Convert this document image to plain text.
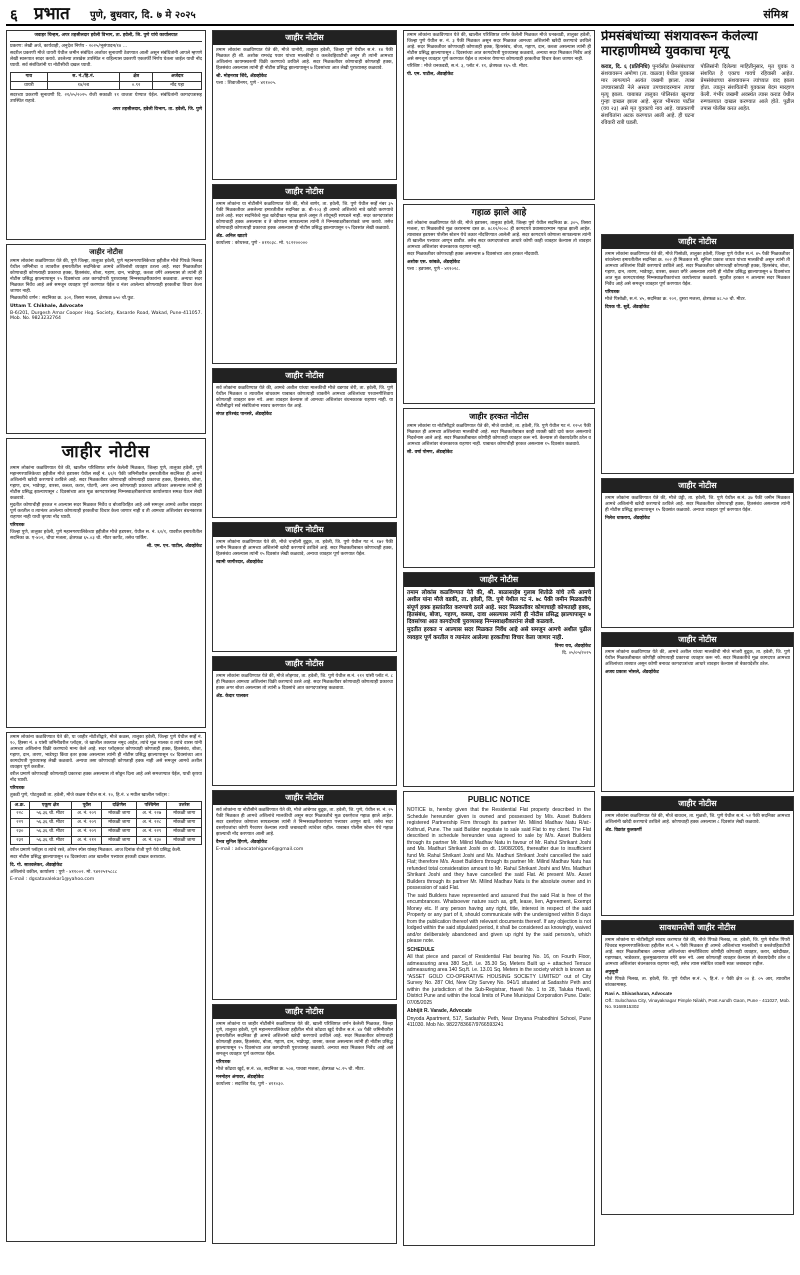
६ प्रभात पुणे, बुधवार, दि. ७ मे २०२५	संमिश्र

जवाहर चिन्हम, अपर तहसीलदार हवेली विभाग, ता. हवेली, जि. पुणे यांचे कार्यालयात

प्रकरण: लेखी अर्ज, कार्यवाही, अनुदेश निर्णय - २०२५/भूसंपादन/१४ ...

सदरील प्रकरणी मौजे धायरी येथील जमीन संबंधित अर्जावर सुनावणी ठेवण्यात आली असून संबंधितांनी आपले म्हणणे लेखी स्वरूपात सादर करावे. ठरलेल्या तारखेस उपस्थित न राहिल्यास प्रकरणी एकतर्फी निर्णय घेतला जाईल याची नोंद घ्यावी. सर्व संबंधितांनी या नोटीसीची दखल घ्यावी.

गाव	स. नं./हि.नं.	क्षेत्र	अर्जदार
धायरी	१४/२ब	०.९२	नोंद पहा

सदरच्या प्रकरणी सुनावणी दि. २१/०५/२०२५ रोजी सकाळी ११ वाजता घेण्यात येईल. संबंधितांनी कागदपत्रासह उपस्थित राहावे.

अपर तहसीलदार, हवेली विभाग, ता. हवेली, जि. पुणे

जाहीर नोटीस

तमाम लोकांना कळविण्यात येते की, पुणे जिल्हा, तालुका हवेली, पुणे महानगरपालिकेच्या हद्दीतील मौजे पिंपळे निलख येथील जमिनीचा व त्यावरील इमारतीतील सदनिकेचा आमचे अशिलांशी व्यवहार ठरला आहे. सदर मिळकतीवर कोणाचाही कोणत्याही प्रकारचा हक्क, हितसंबंध, बोजा, गहाण, दान, भाडेपट्टा, कब्जा वगैरे असल्यास तो त्यांनी ही नोटीस प्रसिद्ध झाल्यापासून १५ दिवसांच्या आत कागदोपत्री पुराव्यासह निम्नस्वाक्षरीकारांना कळवावा. अन्यथा सदर मिळकत निर्वेध आहे असे समजून व्यवहार पूर्ण करण्यात येईल व नंतर आलेल्या कोणत्याही हरकतीचा विचार केला जाणार नाही.

मिळकतीचे वर्णन : सदनिका क्र. ३०२, तिसरा मजला, क्षेत्रफळ ७५० चौ.फुट.

Uttam T. Chikhale, Advocate

B-6/201, Durgesh Amar Cooper Hsg. Society, Kasarde Road, Wakad, Pune-411057. Mob. No. 9823232764

जाहीर नोटीस

तमाम लोकांना कळविण्यात येते की, खालील परिशिष्टात वर्णन केलेली मिळकत, जिल्हा पुणे, तालुका हवेली, पुणे महानगरपालिकेच्या हद्दीतील मौजे हडपसर येथील सर्व्हे नं. ६२/१ पैकी जमिनीवरील इमारतीतील सदनिका ही आमचे अशिलांनी खरेदी करण्याचे ठरविले आहे. सदर मिळकतीवर कोणाचाही कोणत्याही प्रकारचा हक्क, हितसंबंध, बोजा, गहाण, दान, भाडेपट्टा, वारसा, कब्जा, करार, पोटगी, अगर अन्य कोणत्याही प्रकारचा अधिकार असल्यास त्यांनी ही नोटीस प्रसिद्ध झाल्यापासून ८ दिवसांच्या आत मूळ कागदपत्रांसह निम्नस्वाक्षरीकारांच्या कार्यालयात समक्ष येऊन लेखी कळवावे.

मुदतीत कोणाचीही हरकत न आल्यास सदर मिळकत निर्वेध व बोजाविरहित आहे असे समजून आमचे अशील व्यवहार पूर्ण करतील व त्यानंतर आलेल्या कोणत्याही हरकतीचा विचार केला जाणार नाही व ती आमच्या अशिलांवर बंधनकारक राहणार नाही याची कृपया नोंद घ्यावी.

परिपत्रक

जिल्हा पुणे, तालुका हवेली, पुणे महानगरपालिकेच्या हद्दीतील मौजे हडपसर, येथील स. नं. ६२/१, यावरील इमारतीतील सदनिका क्र. ए-४०२, चौथा मजला, क्षेत्रफळ ६५.०३ चौ. मीटर कार्पेट, तसेच पार्किंग.

श्री. एम. एन. पाटील, ॲडव्होकेट

तमाम लोकांना कळविण्यात येते की, या जाहीर नोटीशीद्वारे, मौजे कळस, तालुका हवेली, जिल्हा पुणे येथील सर्व्हे नं. १०, हिस्सा नं. ४ यांसी जमिनीवरील प्लॉट्स, जे खालील तक्त्यात नमूद आहेत, त्यांचे मूळ मालक व त्यांचे वारस यांनी आमच्या अशिलांना विक्री करण्याचे मान्य केले आहे. सदर प्लॉट्सवर कोणाचाही कोणताही हक्क, हितसंबंध, बोजा, गहाण, दान, तारण, भाडेपट्टा किंवा इतर हक्क असल्यास त्यांनी ही नोटीस प्रसिद्ध झाल्यापासून १४ दिवसांच्या आत कागदोपत्री पुराव्यासह लेखी कळवावे. अन्यथा तसा कोणाचाही कोणताही हक्क नाही असे समजून आमचे अशील व्यवहार पूर्ण करतील.

वरील प्रमाणे कोणाचाही कोणत्याही प्रकारचा हक्क असल्यास तो सोडून दिला आहे असे समजण्यात येईल, याची कृपया नोंद घ्यावी.

परिपत्रक

तुकडी पुणे, पोटतुकडी ता. हवेली, मौजे कळस येथील स.नं. १०, हि.नं. ४ मधील खालील प्लॉट्स :

अ.क्र.	एकूण क्षेत्र	पूर्वेस	दक्षिणेस	पश्चिमेस	उत्तरेस
२२८	५६.३६ चौ. मीटर	अ. नं. २०९	मोकळी जागा	अ. नं. २२७	मोकळी जागा
२२९	५६.३६ चौ. मीटर	अ. नं. २०९	मोकळी जागा	अ. नं. २२८	मोकळी जागा
२३०	५६.३६ चौ. मीटर	अ. नं. २०९	मोकळी जागा	अ. नं. २२९	मोकळी जागा
२३१	५६.३६ चौ. मीटर	अ. नं. २१२	मोकळी जागा	अ. नं. २३०	मोकळी जागा

वरील प्रमाणे प्लॉट्स व त्यांचे रस्ते, ओपन स्पेस यांसह मिळकत. आज दिनांक रोजी पुणे येथे प्रसिद्ध केली.

सदर नोटीस प्रसिद्ध झाल्यापासून १४ दिवसांच्या आत खालील पत्त्यावर हरकती दाखल कराव्यात.

दि. गो. सातवलेकर, ॲडव्होकेट

अशिलांचे वकील, कार्यालय : पुणे - ४११००२. मो. ९४२२५१५८८८

E-mail : dgsatavalekar1@yahoo.com

जाहीर नोटीस

तमाम लोकांना कळविण्यात येते की, मौजे धानोरी, तालुका हवेली, जिल्हा पुणे येथील स.नं. १४ पैकी मिळकत ही श्री. अशोक रामचंद्र पवार यांच्या मालकीची व कब्जेवहिवाटीची असून ती त्यांनी आमच्या अशिलांना कायमस्वरूपी विक्री करण्याचे ठरविले आहे. सदर मिळकतीवर कोणाचाही कोणताही हक्क, हितसंबंध असल्यास त्यांनी ही नोटीस प्रसिद्ध झाल्यापासून ७ दिवसांच्या आत लेखी पुराव्यासह कळवावे.

श्री. मोहनराव शिंदे, ॲडव्होकेट

पत्ता : शिवाजीनगर, पुणे - ४११००५.

जाहीर नोटीस

तमाम लोकांना या नोटीसीने कळविण्यात येते की, मौजे बाणेर, ता. हवेली, जि. पुणे येथील सर्व्हे नंबर ३५ पैकी मिळकतीवर असलेल्या इमारतीतील सदनिका क्र. बी-१०३ ही आमचे अशिलांचे नावे खरेदी करण्याचे ठरले आहे. सदर सदनिकेचे मूळ खरेदीखत गहाळ झाले असून ते शोधूनही सापडले नाही. सदर कागदपत्रांवर कोणाचाही हक्क असल्यास व ते कोणाला सापडल्यास त्यांनी ते निम्नस्वाक्षरीकारांकडे जमा करावे. तसेच कोणाचाही कोणत्याही प्रकारचा हक्क असल्यास ही नोटीस प्रसिद्ध झाल्यापासून १५ दिवसांत लेखी कळवावे.

ॲड. अनिल खाटपे

कार्यालय : कोथरूड, पुणे - ४११०३८. मो. ९८२२०००००

जाहीर नोटीस

सर्व लोकांना कळविण्यात येते की, आमचे अशील यांच्या मालकीची मौजे वडगाव शेरी, ता. हवेली, जि. पुणे येथील मिळकत व त्यावरील बांधकाम याबाबत कोणत्याही व्यक्तीने आमच्या अशिलांच्या परवानगीशिवाय कोणताही व्यवहार करू नये. असा व्यवहार केल्यास तो आमच्या अशिलांवर बंधनकारक राहणार नाही. या नोटीसीद्वारे सर्व संबंधितांना सावध करण्यात येत आहे.

संपत हरिश्चंद्र पानसरे, ॲडव्होकेट

जाहीर नोटीस

तमाम लोकांना कळविण्यात येते की, मौजे चऱ्होली बुद्रुक, ता. हवेली, जि. पुणे येथील गट नं. १७२ पैकी जमीन मिळकत ही आमच्या अशिलांनी खरेदी करण्याचे ठरविले आहे. सदर मिळकतीबाबत कोणाचाही हक्क, हितसंबंध असल्यास त्यांनी १५ दिवसांत लेखी कळवावे, अन्यथा व्यवहार पूर्ण करण्यात येईल.

स्वामी जागीरदार, ॲडव्होकेट

जाहीर नोटीस

तमाम लोकांना कळविण्यात येते की, मौजे लोहगाव, ता. हवेली, जि. पुणे येथील स.नं. २१२ यांसी प्लॉट नं. ८ ही मिळकत आमच्या अशिलांना विक्री करण्याचे ठरले आहे. सदर मिळकतीवर कोणाचाही कोणत्याही प्रकारचा हक्क अगर बोजा असल्यास तो त्यांनी ७ दिवसांचे आत कागदपत्रांसह कळवावा.

ॲड. केदार पालकर

जाहीर नोटीस

सर्व लोकांना या नोटीसीने कळविण्यात येते की, मौजे आंबेगाव बुद्रुक, ता. हवेली, जि. पुणे, येथील स. नं. २५ पैकी मिळकत ही आमचे अशिलांचे मालकीची असून सदर मिळकतीचे मूळ दस्तऐवज गहाळ झाले आहेत. सदर दस्तऐवज कोणाला सापडल्यास त्यांनी ते निम्नस्वाक्षरीकारांच्या पत्त्यावर आणून द्यावे. तसेच सदर दस्तऐवजांचा कोणी गैरवापर केल्यास त्याची जबाबदारी त्यांचेवर राहील. याबाबत पोलीस स्टेशन येथे गहाळ झाल्याची नोंद करण्यात आली आहे.

वैभव सुनिल हिंगणे, ॲडव्होकेट

E-mail : advocatehigane6@gmail.com

जाहीर नोटीस

तमाम लोकांना या जाहीर नोटीसीने कळविण्यात येते की, खाली परिशिष्टात वर्णन केलेली मिळकत, जिल्हा पुणे, तालुका हवेली, पुणे महानगरपालिकेच्या हद्दीतील मौजे कोंढवा खुर्द येथील स.नं. ४४ पैकी जमिनीवरील इमारतीतील सदनिका ही आमचे अशिलांनी खरेदी करण्याचे ठरविले आहे. सदर मिळकतीवर कोणाचाही कोणताही हक्क, हितसंबंध, बोजा, गहाण, दान, भाडेपट्टा, वारसा, कब्जा असल्यास त्यांनी ही नोटीस प्रसिद्ध झाल्यापासून १५ दिवसांच्या आत कागदोपत्री पुराव्यासह कळवावे. अन्यथा सदर मिळकत निर्वेध आहे असे समजून व्यवहार पूर्ण करण्यात येईल.

परिपत्रक

मौजे कोंढवा खुर्द, स.नं. ४४, सदनिका क्र. ५०४, पाचवा मजला, क्षेत्रफळ ५८.२५ चौ. मीटर.

मनमोहन अंगावर, ॲडव्होकेट

कार्यालय : सदाशिव पेठ, पुणे - ४११०३०.

तमाम लोकांना कळविण्यात येते की, खालील परिशिष्टात वर्णन केलेली मिळकत मौजे धनकवडी, तालुका हवेली, जिल्हा पुणे येथील स. नं. ३ पैकी मिळकत असून सदर मिळकत आमच्या अशिलांनी खरेदी करण्याचे ठरविले आहे. सदर मिळकतीवर कोणाचाही कोणताही हक्क, हितसंबंध, बोजा, गहाण, दान, कब्जा असल्यास त्यांनी ही नोटीस प्रसिद्ध झाल्यापासून ८ दिवसांच्या आत कागदोपत्री पुराव्यासह कळवावे, अन्यथा सदर मिळकत निर्वेध आहे असे समजून व्यवहार पूर्ण करण्यात येईल व त्यानंतर येणाऱ्या कोणत्याही हरकतीचा विचार केला जाणार नाही.

परिशिष्ट : मौजे धनकवडी, स.नं. ३, प्लॉट नं. ११, क्षेत्रफळ १६५ चौ. मीटर.

पी. एम. पाटील, ॲडव्होकेट

गहाळ झाले आहे

सर्व लोकांना कळविण्यात येते की, मौजे हडपसर, तालुका हवेली, जिल्हा पुणे येथील सदनिका क्र. ३०५, तिसरा मजला, या मिळकतीचे मूळ करारनामा दस्त क्र. ४८१२/२००८ ही कागदपत्रे प्रवासादरम्यान गहाळ झाली आहेत. त्याबाबत हडपसर पोलीस स्टेशन येथे तक्रार नोंदविण्यात आलेली आहे. सदर कागदपत्रे कोणाला सापडल्यास त्यांनी ती खालील पत्त्यावर आणून द्यावीत. तसेच सदर कागदपत्रांच्या आधारे कोणी काही व्यवहार केल्यास तो व्यवहार आमच्या अशिलांवर बंधनकारक राहणार नाही.

सदर मिळकतीवर कोणाचाही हक्क असल्यास ७ दिवसांच्या आत हरकत नोंदवावी.

अशोक एस. कांबळे, ॲडव्होकेट

पत्ता : हडपसर, पुणे - ४११०२८.

जाहीर हरकत नोटीस

तमाम लोकांना या नोटीसीद्वारे कळविण्यात येते की, मौजे वाघोली, ता. हवेली, जि. पुणे येथील गट नं. १२५१ पैकी मिळकत ही आमच्या अशिलांच्या मालकीची आहे. सदर मिळकतीबाबत काही व्यक्ती खोटे दावे करत असल्याचे निदर्शनास आले आहे. सदर मिळकतीबाबत कोणीही कोणताही व्यवहार करू नये. केल्यास तो बेकायदेशीर ठरेल व आमच्या अशिलांवर बंधनकारक राहणार नाही. याबाबत कोणाचीही हरकत असल्यास १५ दिवसांत कळवावे.

सौ. वर्षा पोमण, ॲडव्होकेट

जाहीर नोटीस

तमाम लोकांस कळविण्यात येते की, श्री. बाळासाहेब गुलाब शितोळे यांचे तर्फे आमचे अशील यांना मौजे वडकी, ता. हवेली, जि. पुणे येथील गट नं. ७८ पैकी जमीन मिळकतीचे संपूर्ण हक्क हस्तांतरित करण्याचे ठरले आहे. सदर मिळकतीवर कोणाचाही कोणताही हक्क, हितसंबंध, बोजा, गहाण, कब्जा, दावा असल्यास त्यांनी ही नोटीस प्रसिद्ध झाल्यापासून ७ दिवसांच्या आत कागदोपत्री पुराव्यासह निम्नस्वाक्षरीकारांना लेखी कळवावे.

मुदतीत हरकत न आल्यास सदर मिळकत निर्वेध आहे असे समजून आमचे अशील पुढील व्यवहार पूर्ण करतील व त्यानंतर आलेल्या हरकतीचा विचार केला जाणार नाही.

विनय राव, ॲडव्होकेट

दि. ०५/०५/२०२५

PUBLIC NOTICE

NOTICE is, hereby given that the Residential Flat property described in the Schedule hereunder given is owned and possessed by M/s. Asset Builders registered Partnership Firm through its partner Mr. Milind Madhav Natu R/at:- Kothrud, Pune. The said Builder negotiate to sale said Flat to my client. The Flat described in schedule hereunder was agreed to sale by M/s. Asset Builders through its partner Mr. Milind Madhav Natu in favour of Mr. Rahul Shrikant Joshi and Ms. Madhuri Shrikant Joshi on dt. 19/08/2005, thereafter due to insufficient fund Mr. Rahul Shrikant Joshi and Ms. Madhuri Shrikant Joshi cancelled the said Flat; therefore M/s. Asset Builders through its partner Mr. Milind Madhav Natu has refunded total consideration amount to Mr. Rahul Shrikant Joshi and Mrs. Madhuri Shrikant Joshi and they have cancelled the said Flat. At present M/s. Asset Builders through its partner Mr. Milind Madhav Natu is the absolute owner and in possession of said Flat.

The said Builders have represented and assured that the said Flat is free of the encumbrances. Whatsoever nature such as, gift, lease, lien, Agreement, Exempt Money etc. If any person having any right, title, interest in respect of the said Property or any part of it, should communicate with the undersigned within 8 days from the publication thereof with relevant documents thereof. If any objection is not lodged within the said stipulated period, it shall be considered as knowingly, waived and/or deliberately abandoned and given up right by the said person/s, which please note.

SCHEDULE

All that piece and parcel of Residential Flat bearing No. 16, on Fourth Floor, admeasuring area 380 Sq.ft. i.e. 35.30 Sq. Meters Built up + attached Terrace admeasuring area 140 Sq.ft. i.e. 13.01 Sq. Meters in the society which is known as "ASSET GOLD CO-OPERATIVE HOUSING SOCIETY LIMITED" out of City Survey No. 287 Old, New City Survey No. 941/1 situated at Sadashiv Peth and within the jurisdiction of the Sub-Registrar, Haveli No. 1 to 28, Taluka Haveli, District Pune and within the local limits of Pune Municipal Corporation Pune. Date: 07/05/2025

Abhijit R. Varade, Advocate

Dnyoda Apartment, 517, Sadashiv Peth, Near Dnyana Prabodhini School, Pune 411030. Mob No. 9822783667/9766593241

प्रेमसंबंधांच्या संशयावरून केलेल्या मारहाणीमध्ये युवकाचा मृत्यू

कराड, दि. ६ (प्रतिनिधि) पुनर्वसीत प्रेमसंबंधाच्या संशयावरून अमोणा (ता. वाळवा) येथील युवकास मार लागल्याने अत्यंत जखमी झाला. त्यास उपचारासाठी नेले असता उपचारादरम्यान त्याचा मृत्यू झाला. याबाबत तालुका पोलिसांत खुनाचा गुन्हा दाखल झाला आहे. सूरज भीमराव पाटील (वय २३) असे मृत युवकाचे नाव आहे. याप्रकरणी संशयितांना अटक करण्यात आली आहे. ही घटना रविवारी रात्री घडली.

पोलिसांनी दिलेल्या माहितीनुसार, मृत युवक व संशयित हे एकाच गावचे रहिवासी आहेत. प्रेमसंबंधाच्या संशयावरून त्यांच्यात वाद झाला होता. त्यातून संशयितांनी युवकास बेदम मारहाण केली. गंभीर जखमी अवस्थेत त्यास कराड येथील रुग्णालयात दाखल करण्यात आले होते. पुढील तपास पोलीस करत आहेत.

जाहीर नोटीस

तमाम लोकांना कळविण्यात येते की, मौजे पिसोळी, तालुका हवेली, जिल्हा पुणे येथील स.नं. ४५ पैकी मिळकतीवर बांधलेल्या इमारतीतील सदनिका क्र. २०२ ही मिळकत सौ. सुनिता प्रकाश जाधव यांच्या मालकीची असून त्यांनी ती आमच्या अशिलांना विक्री करण्याचे ठरविले आहे. सदर मिळकतीवर कोणाचाही कोणताही हक्क, हितसंबंध, बोजा, गहाण, दान, तारण, भाडेपट्टा, वारसा, कब्जा वगैरे असल्यास त्यांनी ही नोटीस प्रसिद्ध झाल्यापासून ७ दिवसांच्या आत मूळ कागदपत्रांसह निम्नस्वाक्षरीकारांच्या कार्यालयात कळवावे. मुदतीत हरकत न आल्यास सदर मिळकत निर्वेध आहे असे समजून व्यवहार पूर्ण करण्यात येईल.

परिपत्रक

मौजे पिसोळी, स.नं. ४५, सदनिका क्र. २०२, दुसरा मजला, क्षेत्रफळ ४८.५० चौ. मीटर.

दिपक पी. सुर्वे, ॲडव्होकेट

जाहीर नोटीस

तमाम लोकांना कळविण्यात येते की, मौजे उंड्री, ता. हवेली, जि. पुणे येथील स.नं. ३७ पैकी जमीन मिळकत आमचे अशिलांनी खरेदी करण्याचे ठरविले आहे. सदर मिळकतीवर कोणाचाही हक्क, हितसंबंध असल्यास त्यांनी ही नोटीस प्रसिद्ध झाल्यापासून १५ दिवसांत कळवावे. अन्यथा व्यवहार पूर्ण करण्यात येईल.

निलेश धाकराय, ॲडव्होकेट

जाहीर नोटीस

तमाम लोकांना कळविण्यात येते की, आमचे अशील यांच्या मालकीची मौजे मांजरी बुद्रुक, ता. हवेली, जि. पुणे येथील मिळकतीबाबत कोणीही कोणत्याही प्रकारचा व्यवहार करू नये. सदर मिळकतीचे मूळ कागदपत्र आमच्या अशिलांच्या ताब्यात असून कोणी बनावट कागदपत्रांच्या आधारे व्यवहार केल्यास तो बेकायदेशीर ठरेल.

अजय प्रकाश भोसले, ॲडव्होकेट

जाहीर नोटीस

तमाम लोकांना कळविण्यात येते की, मौजे बावधन, ता. मुळशी, जि. पुणे येथील स.नं. ५२ पैकी सदनिका आमच्या अशिलांनी खरेदी करण्याचे ठरविले आहे. कोणाचाही हक्क असल्यास ८ दिवसांत लेखी कळवावे.

ॲड. विक्रांत कुलकर्णी

सावधानतेची जाहीर नोटीस

तमाम लोकांना या नोटीसीद्वारे सावध करण्यात येते की, मौजे पिंपळे निलख, ता. हवेली, जि. पुणे येथील पिंपरी चिंचवड महानगरपालिकेच्या हद्दीतील स.नं. ५ पैकी मिळकत ही आमचे अशिलांच्या मालकीची व कब्जेवहिवाटीची आहे. सदर मिळकतीबाबत आमच्या अशिलांच्या संमतीशिवाय कोणीही कोणताही व्यवहार, करार, खरेदीखत, गहाणखत, भाडेकरार, कुलमुखत्यारपत्र वगैरे करू नये. असा कोणताही व्यवहार केल्यास तो बेकायदेशीर ठरेल व आमच्या अशिलांवर बंधनकारक राहणार नाही, तसेच त्यास संबंधित व्यक्ती स्वतः जबाबदार राहील.

अनुसूची

मौजे पिंपळे निलख, ता. हवेली, जि. पुणे येथील स.नं. ५, हि.नं. २ पैकी क्षेत्र ०० हे. ०५ आर, त्यावरील बांधकामासह.

Ravi A. Shivasharan, Advocate

Off.: Sulochana City, Vinayaknagar Pimple Nilakh, Post Aundh Gaon, Pune - 411027, Mob. No. 9168915302
